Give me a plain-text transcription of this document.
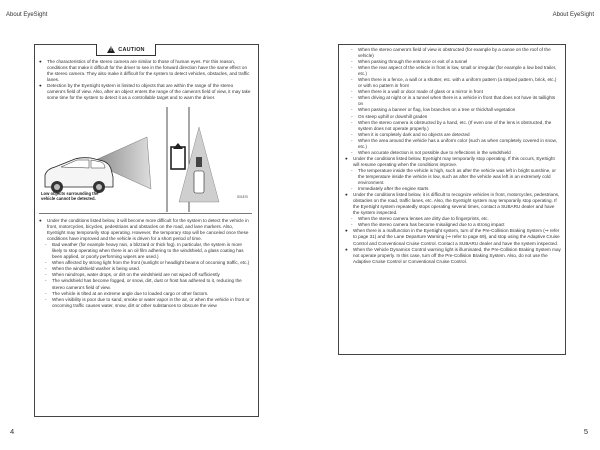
About EyeSight	About EyeSight
! CAUTION
●	The characteristics of the stereo camera are similar to those of human eyes. For this reason, conditions that make it difficult for the driver to see in the forward direction have the same effect on the stereo camera. They also make it difficult for the system to detect vehicles, obstacles, and traffic lanes.
●	Detection by the EyeSight system is limited to objects that are within the range of the stereo camera's field of view. Also, after an object enters the range of the camera's field of view, it may take some time for the system to detect it as a controllable target and to warn the driver.
Low objects surrounding the vehicle cannot be detected.	S01870
●	Under the conditions listed below, it will become more difficult for the system to detect the vehicle in front, motorcycles, bicycles, pedestrians and obstacles on the road, and lane markers. Also, EyeSight may temporarily stop operating. However, the temporary stop will be canceled once these conditions have improved and the vehicle is driven for a short period of time.
-	Bad weather (for example heavy rain, a blizzard or thick fog). In particular, the system is more likely to stop operating when there is an oil film adhering to the windshield, a glass coating has been applied, or poorly performing wipers are used.)
-	When affected by strong light from the front (sunlight or headlight beams of oncoming traffic, etc.)
-	When the windshield washer is being used.
-	When raindrops, water drops, or dirt on the windshield are not wiped off sufficiently
-	The windshield has become fogged, or snow, dirt, dust or frost has adhered to it, reducing the stereo camera's field of view.
-	The vehicle is tilted at an extreme angle due to loaded cargo or other factors.
-	When visibility is poor due to sand, smoke or water vapor in the air, or when the vehicle in front or oncoming traffic causes water, snow, dirt or other substances to obscure the view
-	When the stereo camera's field of view is obstructed (for example by a canoe on the roof of the vehicle)
-	When passing through the entrance or exit of a tunnel
-	When the rear aspect of the vehicle in front is low, small or irregular (for example a low bed trailer, etc.)
-	When there is a fence, a wall or a shutter, etc. with a uniform pattern (a striped pattern, brick, etc.) or with no pattern in front
-	When there is a wall or door made of glass or a mirror in front
-	When driving at night or in a tunnel when there is a vehicle in front that does not have its taillights on
-	When passing a banner or flag, low branches on a tree or thick/tall vegetation
-	On steep uphill or downhill grades
-	When the stereo camera is obstructed by a hand, etc. (If even one of the lens is obstructed, the system does not operate properly.)
-	When it is completely dark and no objects are detected
-	When the area around the vehicle has a uniform color (such as when completely covered in snow, etc.)
-	When accurate detection is not possible due to reflections in the windshield
●	Under the conditions listed below, EyeSight may temporarily stop operating. If this occurs, EyeSight will resume operating when the conditions improve.
-	The temperature inside the vehicle is high, such as after the vehicle was left in bright sunshine, or the temperature inside the vehicle is low, such as after the vehicle was left in an extremely cold environment.
-	Immediately after the engine starts
●	Under the conditions listed below, it is difficult to recognize vehicles in front, motorcycles, pedestrians, obstacles on the road, traffic lanes, etc. Also, the EyeSight system may temporarily stop operating. If the EyeSight system repeatedly stops operating several times, contact a SUBARU dealer and have the system inspected.
-	When the stereo camera lenses are dirty due to fingerprints, etc.
-	When the stereo camera has become misaligned due to a strong impact
●	When there is a malfunction in the EyeSight system, turn of the Pre-Collision Braking System (⇒ refer to page 31) and the Lane Departure Warning (⇒ refer to page 69), and stop using the Adaptive Cruise Control and Conventional Cruise Control. Contact a SUBARU dealer and have the system inspected.
●	When the Vehicle Dynamics Control warning light is illuminated, the Pre-Collision Braking System may not operate properly. In this case, turn off the Pre-Collision Braking System. Also, do not use the Adaptive Cruise Control or Conventional Cruise Control.
4	5
